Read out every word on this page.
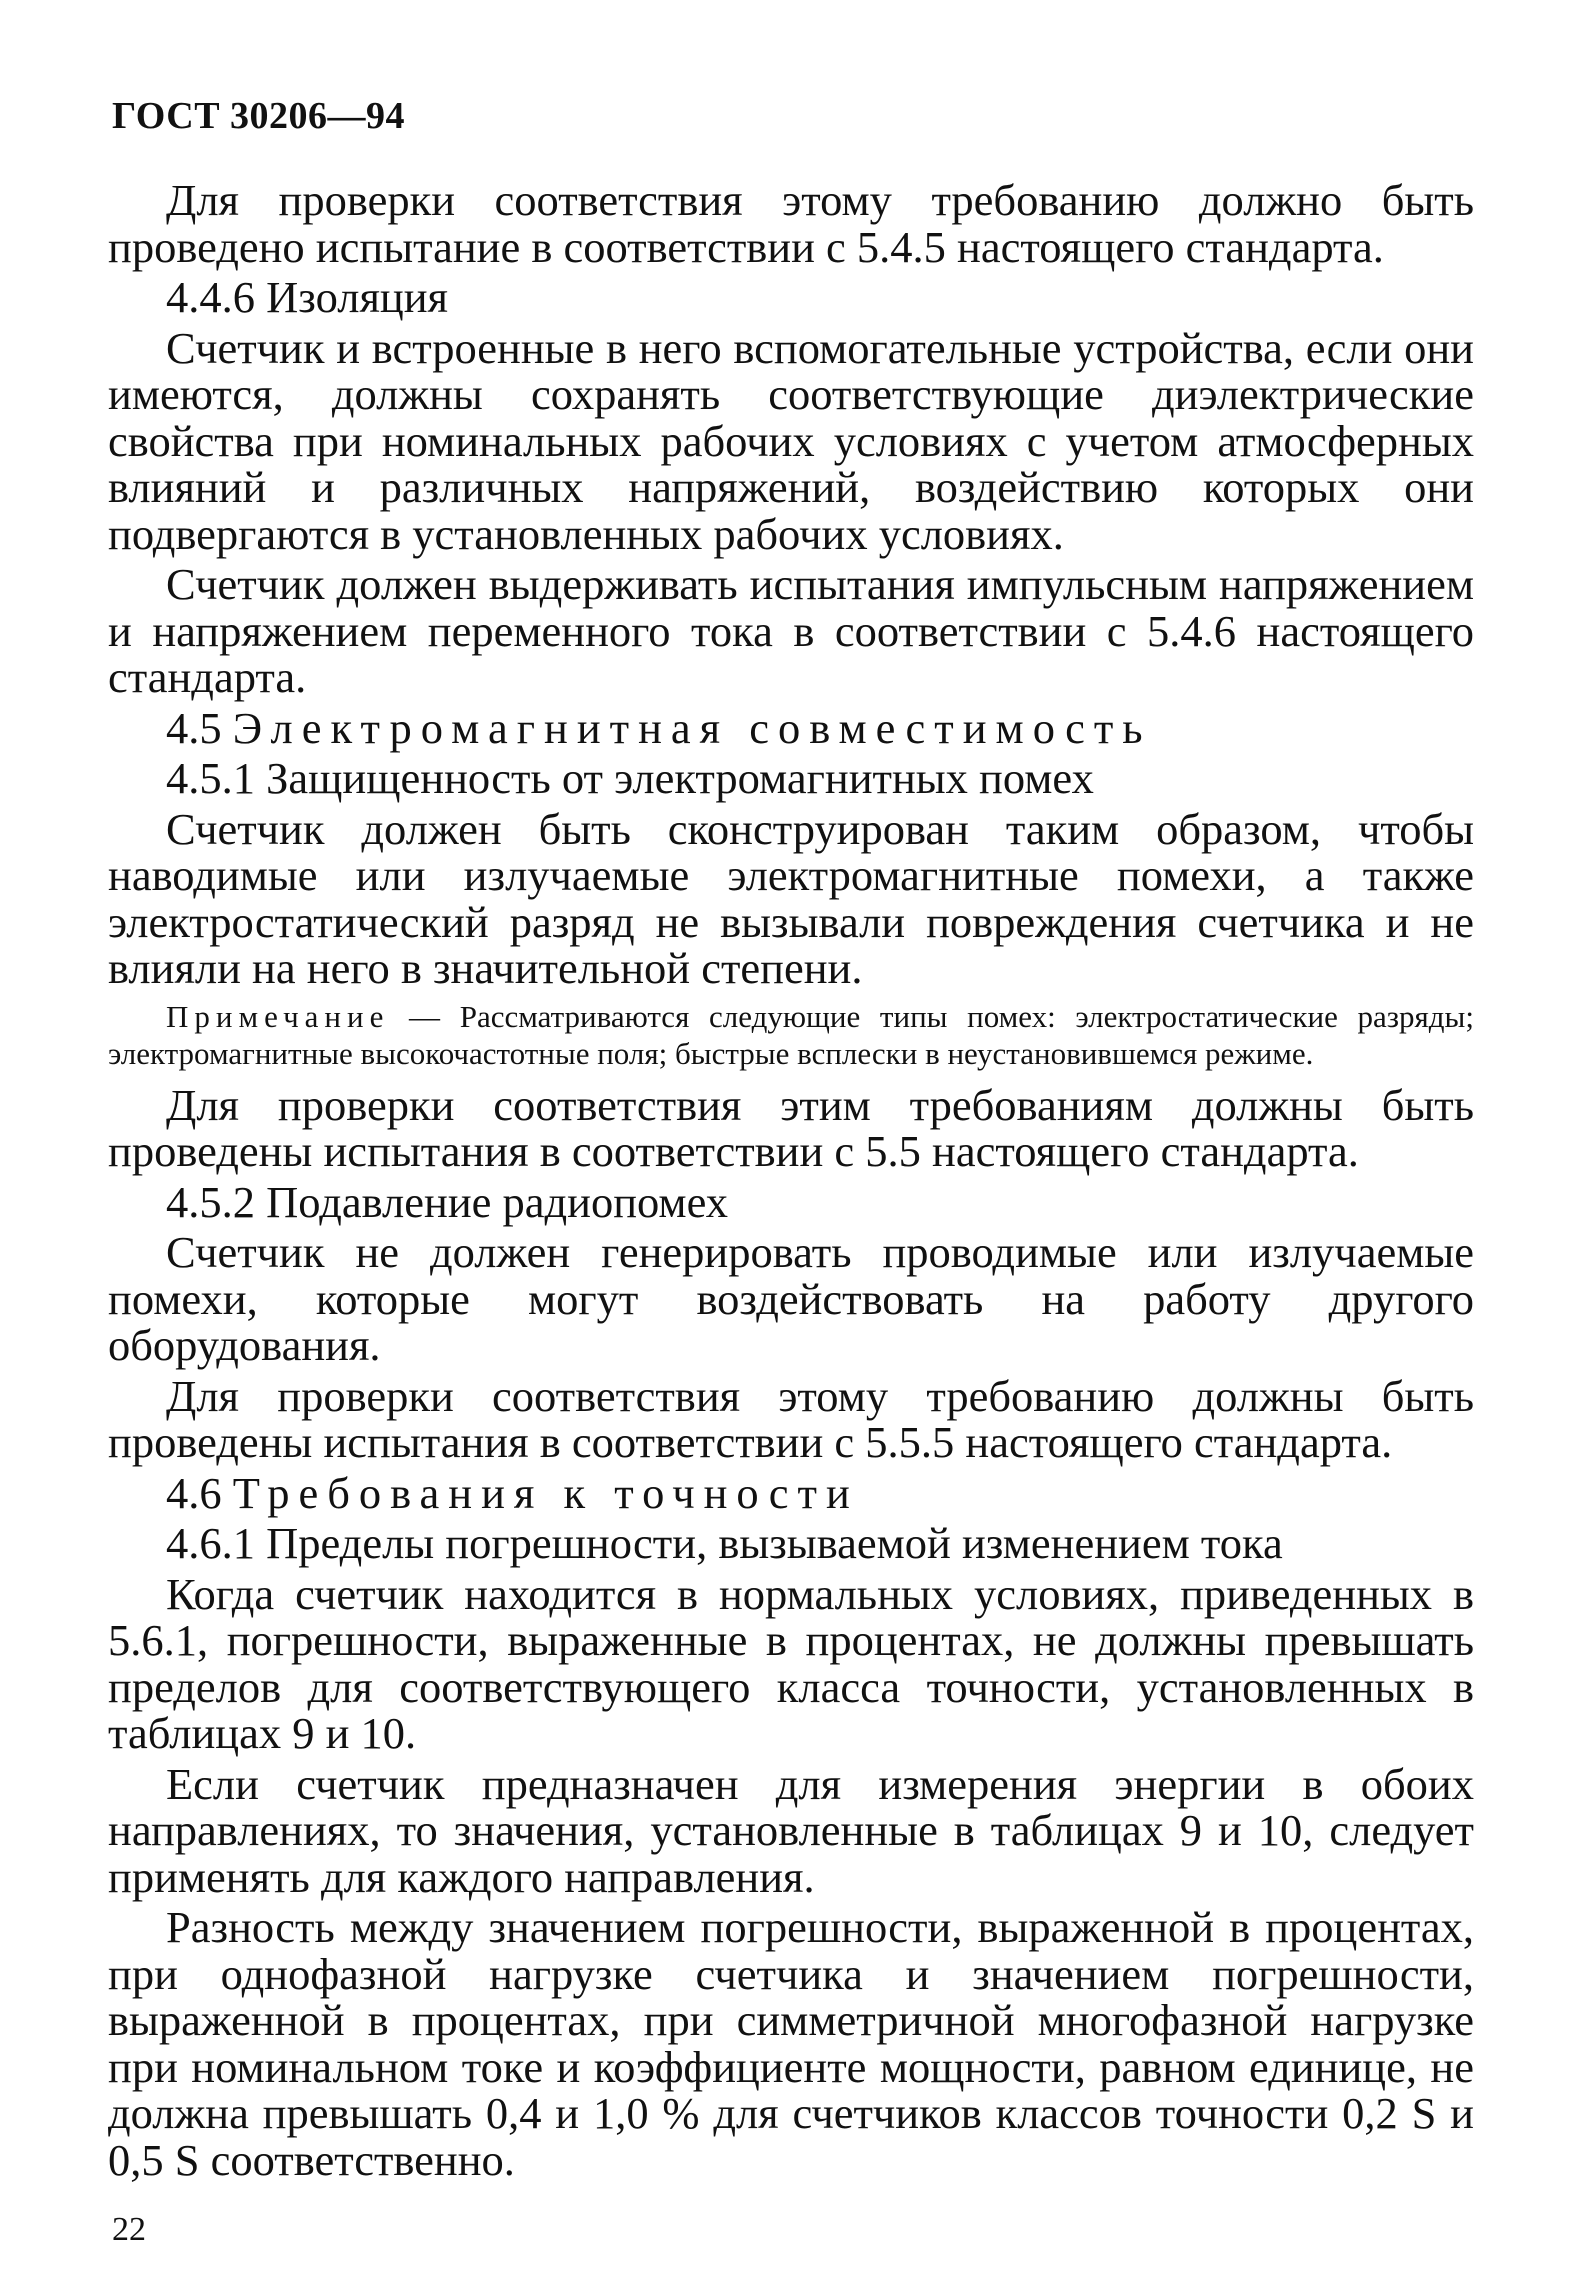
ГОСТ 30206—94

Для проверки соответствия этому требованию должно быть проведено испытание в соответствии с 5.4.5 настоящего стандарта.

4.4.6 Изоляция

Счетчик и встроенные в него вспомогательные устройства, если они имеются, должны сохранять соответствующие диэлектрические свойства при номинальных рабочих условиях с учетом атмосферных влияний и различных напряжений, воздействию которых они подвергаются в установленных рабочих условиях.

Счетчик должен выдерживать испытания импульсным напряжением и напряжением переменного тока в соответствии с 5.4.6 настоящего стандарта.

4.5 Электромагнитная совместимость

4.5.1 Защищенность от электромагнитных помех

Счетчик должен быть сконструирован таким образом, чтобы наводимые или излучаемые электромагнитные помехи, а также электростатический разряд не вызывали повреждения счетчика и не влияли на него в значительной степени.

Примечание — Рассматриваются следующие типы помех: электростатические разряды; электромагнитные высокочастотные поля; быстрые всплески в неустановившемся режиме.

Для проверки соответствия этим требованиям должны быть проведены испытания в соответствии с 5.5 настоящего стандарта.

4.5.2 Подавление радиопомех

Счетчик не должен генерировать проводимые или излучаемые помехи, которые могут воздействовать на работу другого оборудования.

Для проверки соответствия этому требованию должны быть проведены испытания в соответствии с 5.5.5 настоящего стандарта.

4.6 Требования к точности

4.6.1 Пределы погрешности, вызываемой изменением тока

Когда счетчик находится в нормальных условиях, приведенных в 5.6.1, погрешности, выраженные в процентах, не должны превышать пределов для соответствующего класса точности, установленных в таблицах 9 и 10.

Если счетчик предназначен для измерения энергии в обоих направлениях, то значения, установленные в таблицах 9 и 10, следует применять для каждого направления.

Разность между значением погрешности, выраженной в процентах, при однофазной нагрузке счетчика и значением погрешности, выраженной в процентах, при симметричной многофазной нагрузке при номинальном токе и коэффициенте мощности, равном единице, не должна превышать 0,4 и 1,0 % для счетчиков классов точности 0,2 S и 0,5 S соответственно.

22
